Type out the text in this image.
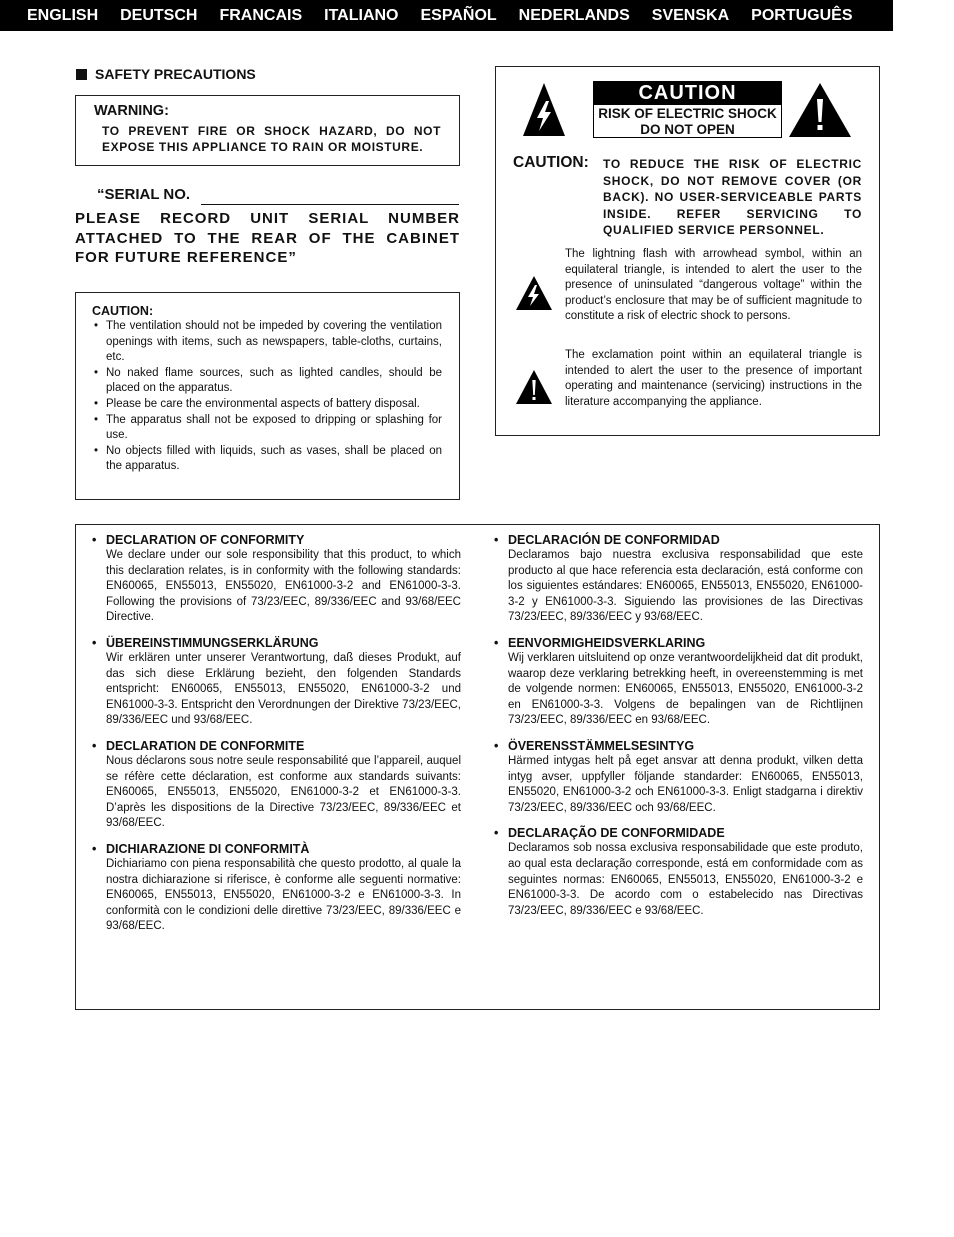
ENGLISH DEUTSCH FRANCAIS ITALIANO ESPAÑOL NEDERLANDS SVENSKA PORTUGUÊS
SAFETY PRECAUTIONS
WARNING:
TO PREVENT FIRE OR SHOCK HAZARD, DO NOT EXPOSE THIS APPLIANCE TO RAIN OR MOISTURE.
“SERIAL NO.
PLEASE RECORD UNIT SERIAL NUMBER ATTACHED TO THE REAR OF THE CABINET FOR FUTURE REFERENCE”
CAUTION:
• The ventilation should not be impeded by covering the ventilation openings with items, such as newspapers, table-cloths, curtains, etc.
• No naked flame sources, such as lighted candles, should be placed on the apparatus.
• Please be care the environmental aspects of battery disposal.
• The apparatus shall not be exposed to dripping or splashing for use.
• No objects filled with liquids, such as vases, shall be placed on the apparatus.
CAUTION
RISK OF ELECTRIC SHOCK
DO NOT OPEN
CAUTION: TO REDUCE THE RISK OF ELECTRIC SHOCK, DO NOT REMOVE COVER (OR BACK). NO USER-SERVICEABLE PARTS INSIDE. REFER SERVICING TO QUALIFIED SERVICE PERSONNEL.
The lightning flash with arrowhead symbol, within an equilateral triangle, is intended to alert the user to the presence of uninsulated “dangerous voltage” within the product’s enclosure that may be of sufficient magnitude to constitute a risk of electric shock to persons.
The exclamation point within an equilateral triangle is intended to alert the user to the presence of important operating and maintenance (servicing) instructions in the literature accompanying the appliance.
• DECLARATION OF CONFORMITY

We declare under our sole responsibility that this product, to which this declaration relates, is in conformity with the following standards: EN60065, EN55013, EN55020, EN61000-3-2 and EN61000-3-3. Following the provisions of 73/23/EEC, 89/336/EEC and 93/68/EEC Directive.

• ÜBEREINSTIMMUNGSERKLÄRUNG

Wir erklären unter unserer Verantwortung, daß dieses Produkt, auf das sich diese Erklärung bezieht, den folgenden Standards entspricht: EN60065, EN55013, EN55020, EN61000-3-2 und EN61000-3-3. Entspricht den Verordnungen der Direktive 73/23/EEC, 89/336/EEC und 93/68/EEC.

• DECLARATION DE CONFORMITE

Nous déclarons sous notre seule responsabilité que l’appareil, auquel se réfère cette déclaration, est conforme aux standards suivants: EN60065, EN55013, EN55020, EN61000-3-2 et EN61000-3-3. D’après les dispositions de la Directive 73/23/EEC, 89/336/EEC et 93/68/EEC.

• DICHIARAZIONE DI CONFORMITÀ

Dichiariamo con piena responsabilità che questo prodotto, al quale la nostra dichiarazione si riferisce, è conforme alle seguenti normative: EN60065, EN55013, EN55020, EN61000-3-2 e EN61000-3-3. In conformità con le condizioni delle direttive 73/23/EEC, 89/336/EEC e 93/68/EEC.

• DECLARACIÓN DE CONFORMIDAD

Declaramos bajo nuestra exclusiva responsabilidad que este producto al que hace referencia esta declaración, está conforme con los siguientes estándares: EN60065, EN55013, EN55020, EN61000-3-2 y EN61000-3-3. Siguiendo las provisiones de las Directivas 73/23/EEC, 89/336/EEC y 93/68/EEC.

• EENVORMIGHEIDSVERKLARING

Wij verklaren uitsluitend op onze verantwoordelijkheid dat dit produkt, waarop deze verklaring betrekking heeft, in overeenstemming is met de volgende normen: EN60065, EN55013, EN55020, EN61000-3-2 en EN61000-3-3. Volgens de bepalingen van de Richtlijnen 73/23/EEC, 89/336/EEC en 93/68/EEC.

• ÖVERENSSTÄMMELSESINTYG

Härmed intygas helt på eget ansvar att denna produkt, vilken detta intyg avser, uppfyller följande standarder: EN60065, EN55013, EN55020, EN61000-3-2 och EN61000-3-3. Enligt stadgarna i direktiv 73/23/EEC, 89/336/EEC och 93/68/EEC.

• DECLARAÇÃO DE CONFORMIDADE

Declaramos sob nossa exclusiva responsabilidade que este produto, ao qual esta declaração corresponde, está em conformidade com as seguintes normas: EN60065, EN55013, EN55020, EN61000-3-2 e EN61000-3-3. De acordo com o estabelecido nas Directivas 73/23/EEC, 89/336/EEC e 93/68/EEC.
